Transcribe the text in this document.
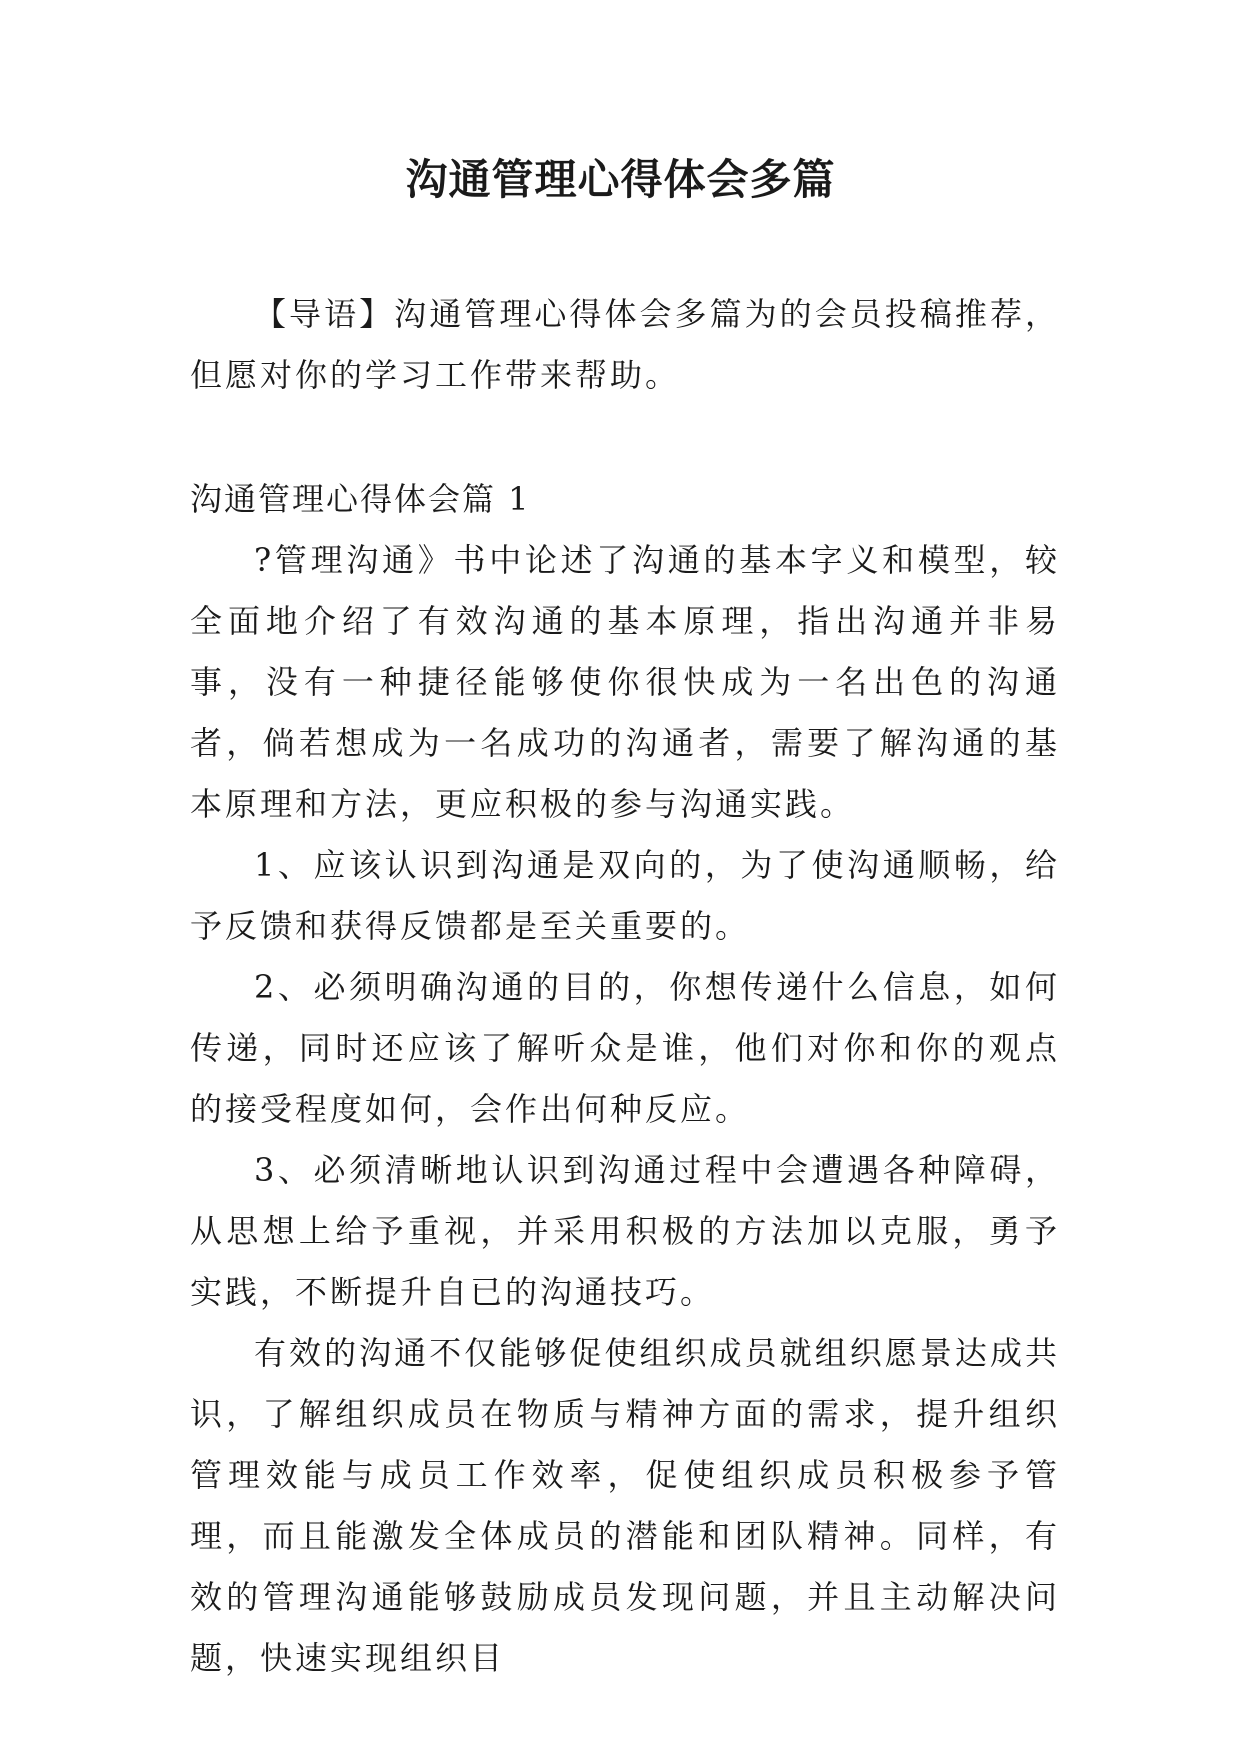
沟通管理心得体会多篇

【导语】沟通管理心得体会多篇为的会员投稿推荐，但愿对你的学习工作带来帮助。

沟通管理心得体会篇 1

?管理沟通》书中论述了沟通的基本字义和模型，较全面地介绍了有效沟通的基本原理，指出沟通并非易事，没有一种捷径能够使你很快成为一名出色的沟通者，倘若想成为一名成功的沟通者，需要了解沟通的基本原理和方法，更应积极的参与沟通实践。

1、应该认识到沟通是双向的，为了使沟通顺畅，给予反馈和获得反馈都是至关重要的。

2、必须明确沟通的目的，你想传递什么信息，如何传递，同时还应该了解听众是谁，他们对你和你的观点的接受程度如何，会作出何种反应。

3、必须清晰地认识到沟通过程中会遭遇各种障碍，从思想上给予重视，并采用积极的方法加以克服，勇予实践，不断提升自已的沟通技巧。

有效的沟通不仅能够促使组织成员就组织愿景达成共识，了解组织成员在物质与精神方面的需求，提升组织管理效能与成员工作效率，促使组织成员积极参予管理，而且能激发全体成员的潜能和团队精神。同样，有效的管理沟通能够鼓励成员发现问题，并且主动解决问题，快速实现组织目
